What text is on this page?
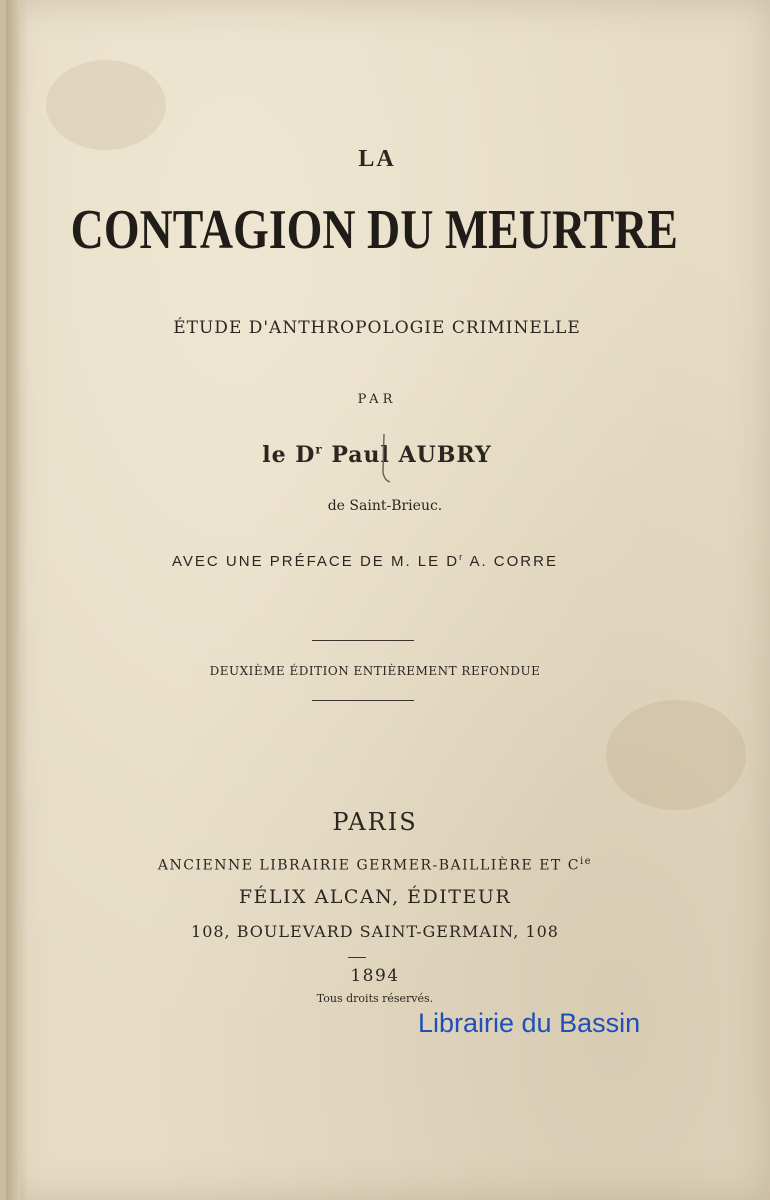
LA
CONTAGION DU MEURTRE
ÉTUDE D'ANTHROPOLOGIE CRIMINELLE
PAR
le $D^r$ Paul AUBRY
de Saint-Brieuc.
AVEC UNE PRÉFACE DE M. LE $D^r$ A. CORRE
DEUXIÈME ÉDITION ENTIÈREMENT REFONDUE
PARIS
ANCIENNE LIBRAIRIE GERMER-BAILLIÈRE ET $C^{ie}$
FÉLIX ALCAN, ÉDITEUR
108, BOULEVARD SAINT-GERMAIN, 108
1894
Tous droits réservés.
Librairie du Bassin
